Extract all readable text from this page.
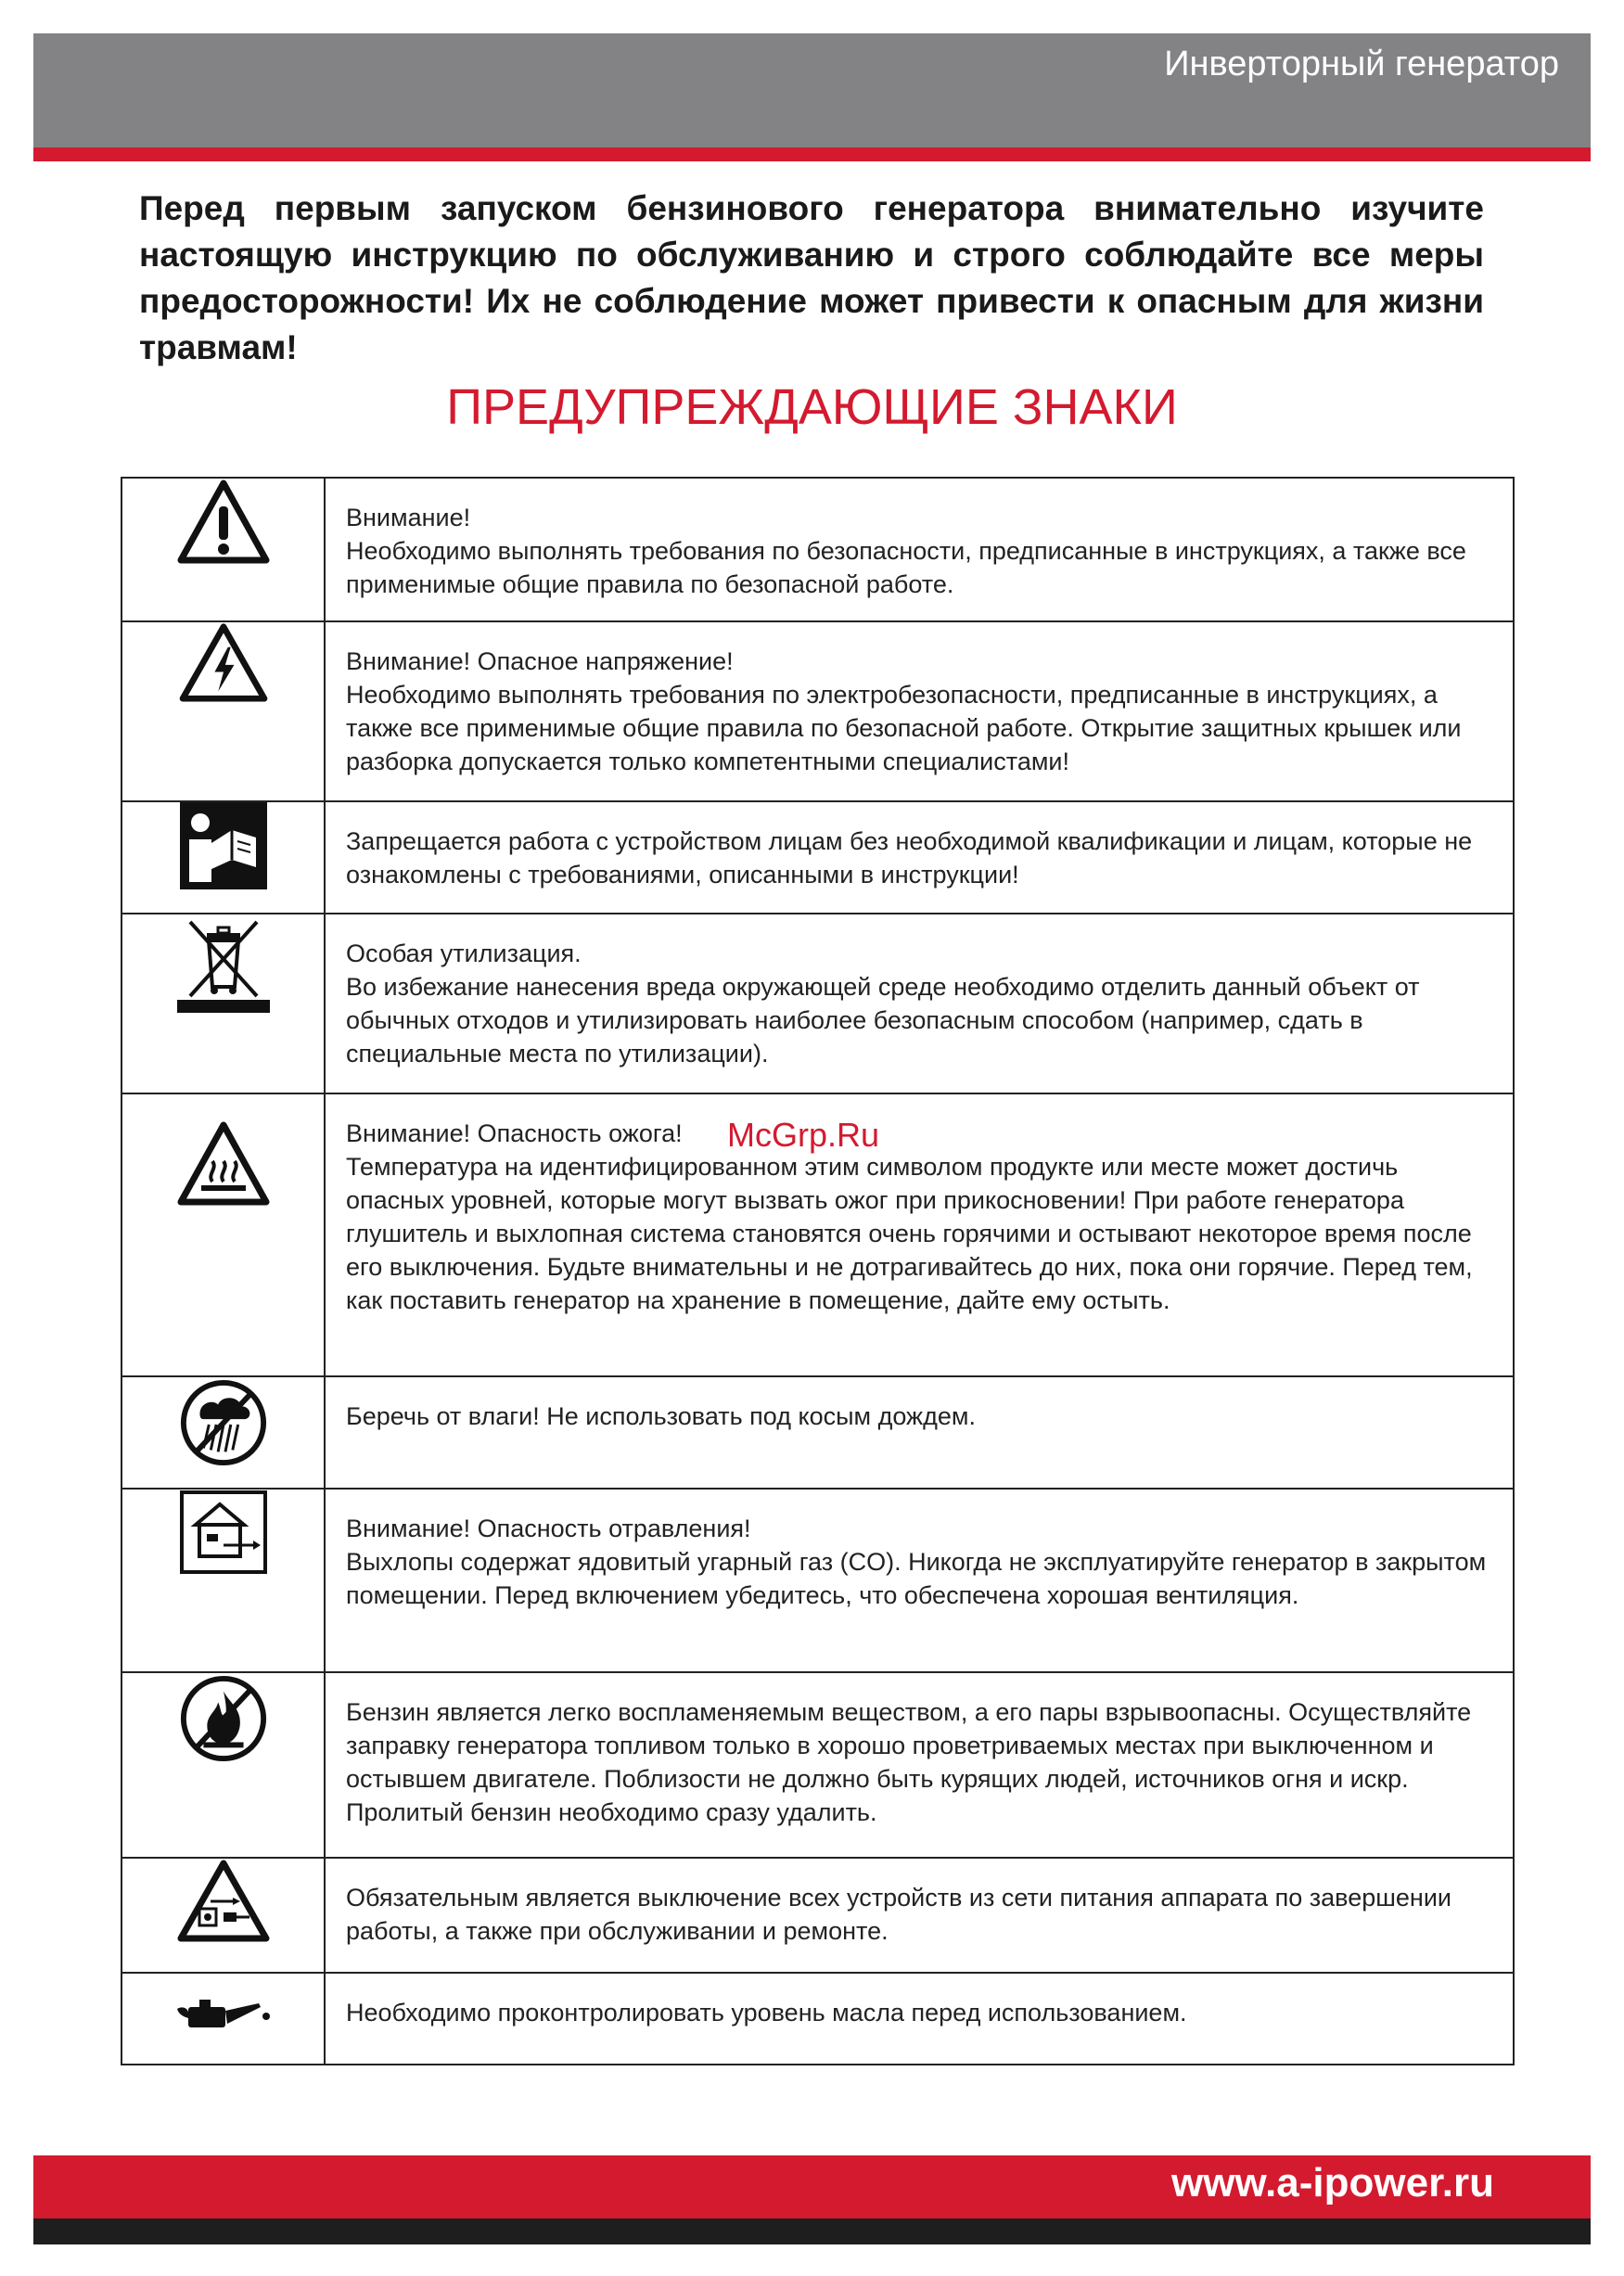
Инверторный генератор
Перед первым запуском бензинового генератора внимательно изучите настоящую инструкцию по обслуживанию и строго соблюдайте все меры предосторожности! Их не соблюдение может привести к опасным для жизни травмам!
ПРЕДУПРЕЖДАЮЩИЕ ЗНАКИ

Внимание!
Необходимо выполнять требования по безопасности, предписанные в инструкциях, а также все применимые общие правила по безопасной работе.

Внимание! Опасное напряжение!
Необходимо выполнять требования по электробезопасности, предписанные в инструкциях, а также все применимые общие правила по безопасной работе. Открытие защитных крышек или разборка допускается только компетентными специалистами!

Запрещается работа с устройством лицам без необходимой квалификации и лицам, которые не ознакомлены с требованиями, описанными в инструкции!

Особая утилизация.
Во избежание нанесения вреда окружающей среде необходимо отделить данный объект от обычных отходов и утилизировать наиболее безопасным способом (например, сдать в специальные места по утилизации).

Внимание! Опасность ожога!
Температура на идентифицированном этим символом продукте или месте может достичь опасных уровней, которые могут вызвать ожог при прикосновении! При работе генератора глушитель и выхлопная система становятся очень горячими и остывают некоторое время после его выключения. Будьте внимательны и не дотрагивайтесь до них, пока они горячие. Перед тем, как поставить генератор на хранение в помещение, дайте ему остыть.

Беречь от влаги! Не использовать под косым дождем.

Внимание! Опасность отравления!
Выхлопы содержат ядовитый угарный газ (CO). Никогда не эксплуатируйте генератор в закрытом помещении. Перед включением убедитесь, что обеспечена хорошая вентиляция.

Бензин является легко воспламеняемым веществом, а его пары взрывоопасны. Осуществляйте заправку генератора топливом только в хорошо проветриваемых местах при выключенном и остывшем двигателе. Поблизости не должно быть курящих людей, источников огня и искр. Пролитый бензин необходимо сразу удалить.

Обязательным является выключение всех устройств из сети питания аппарата по завершении работы, а также при обслуживании и ремонте.

Необходимо проконтролировать уровень масла перед использованием.
McGrp.Ru
www.a-ipower.ru
